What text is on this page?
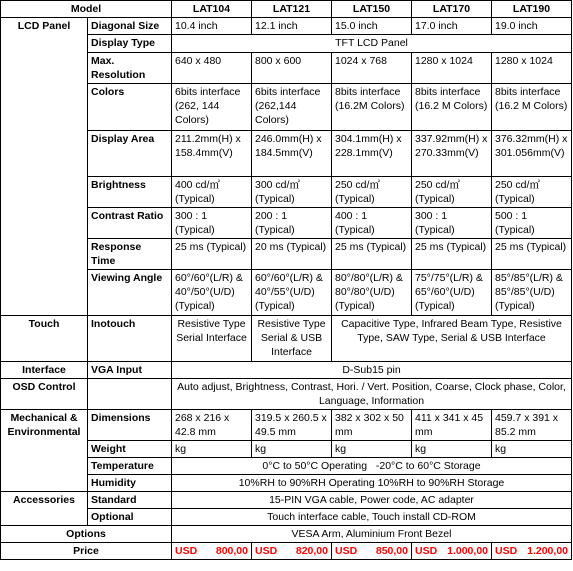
Model		LAT104	LAT121	LAT150	LAT170	LAT190
LCD Panel	Diagonal Size	10.4 inch	12.1 inch	15.0 inch	17.0 inch	19.0 inch
	Display Type	TFT LCD Panel				
	Max. Resolution	640 x 480	800 x 600	1024 x 768	1280 x 1024	1280 x 1024
	Colors	6bits interface (262, 144 Colors)	6bits interface (262,144 Colors)	8bits interface (16.2M Colors)	8bits interface (16.2 M Colors)	8bits interface (16.2 M Colors)
	Display Area	211.2mm(H) x 158.4mm(V)	246.0mm(H) x 184.5mm(V)	304.1mm(H) x 228.1mm(V)	337.92mm(H) x 270.33mm(V)	376.32mm(H) x 301.056mm(V)
	Brightness	400 cd/㎡ (Typical)	300 cd/㎡ (Typical)	250 cd/㎡ (Typical)	250 cd/㎡ (Typical)	250 cd/㎡ (Typical)
	Contrast Ratio	300 : 1 (Typical)	200 : 1 (Typical)	400 : 1 (Typical)	300 : 1 (Typical)	500 : 1 (Typical)
	Response Time	25 ms (Typical)	20 ms (Typical)	25 ms (Typical)	25 ms (Typical)	25 ms (Typical)
	Viewing Angle	60°/60°(L/R) & 40°/50°(U/D)(Typical)	60°/60°(L/R) & 40°/55°(U/D)(Typical)	80°/80°(L/R) & 80°/80°(U/D)(Typical)	75°/75°(L/R) & 65°/60°(U/D)(Typical)	85°/85°(L/R) & 85°/85°(U/D)(Typical)
Touch	Inotouch	Resistive Type Serial Interface	Resistive Type Serial & USB Interface	Capacitive Type, Infrared Beam Type, Resistive Type, SAW Type, Serial & USB Interface		
Interface	VGA Input	D-Sub15 pin				
OSD Control		Auto adjust, Brightness, Contrast, Hori. / Vert. Position, Coarse, Clock phase, Color, Language, Information				
Mechanical & Environmental	Dimensions	268 x 216 x 42.8 mm	319.5 x 260.5 x 49.5 mm	382 x 302 x 50 mm	411 x 341 x 45 mm	459.7 x 391 x 85.2 mm
	Weight	kg	kg	kg	kg	kg
	Temperature	0°C to 50°C Operating   -20°C to 60°C Storage				
	Humidity	10%RH to 90%RH Operating 10%RH to 90%RH Storage				
Accessories	Standard	15-PIN VGA cable, Power code, AC adapter				
	Optional	Touch interface cable, Touch install CD-ROM				
Options		VESA Arm, Aluminium Front Bezel				
Price		USD 800,00	USD 820,00	USD 850,00	USD 1.000,00	USD 1.200,00
